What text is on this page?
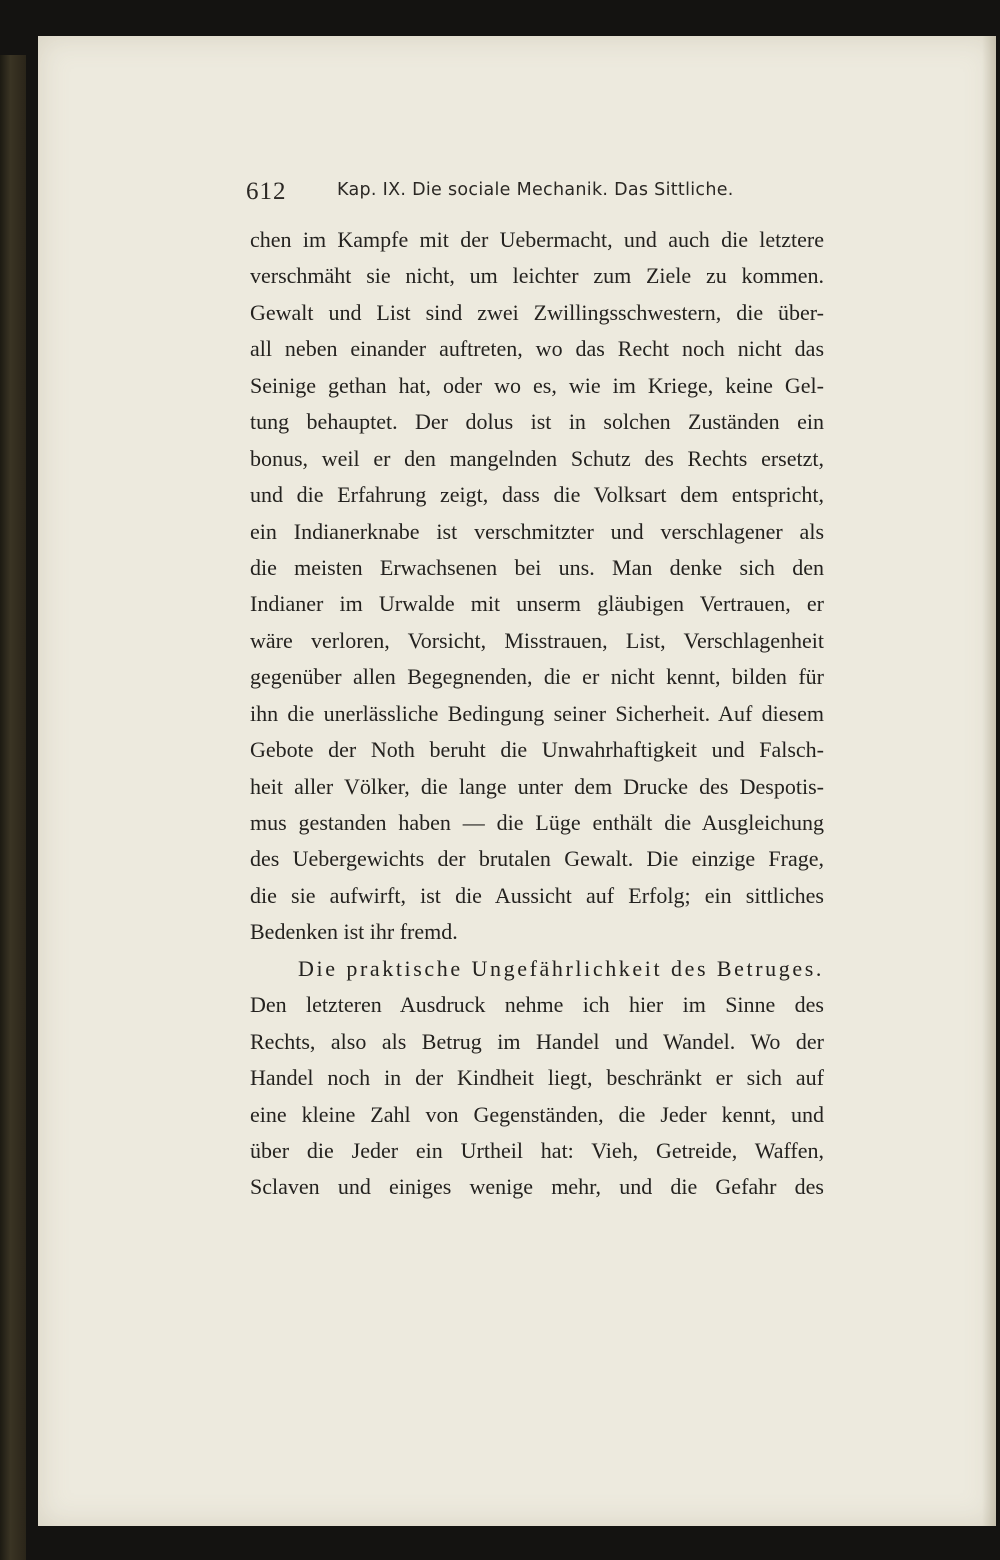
612	Kap. IX. Die sociale Mechanik. Das Sittliche.
chen im Kampfe mit der Uebermacht, und auch die letztere
verschmäht sie nicht, um leichter zum Ziele zu kommen.
Gewalt und List sind zwei Zwillingsschwestern, die über-
all neben einander auftreten, wo das Recht noch nicht das
Seinige gethan hat, oder wo es, wie im Kriege, keine Gel-
tung behauptet. Der dolus ist in solchen Zuständen ein
bonus, weil er den mangelnden Schutz des Rechts ersetzt,
und die Erfahrung zeigt, dass die Volksart dem entspricht,
ein Indianerknabe ist verschmitzter und verschlagener als
die meisten Erwachsenen bei uns. Man denke sich den
Indianer im Urwalde mit unserm gläubigen Vertrauen, er
wäre verloren, Vorsicht, Misstrauen, List, Verschlagenheit
gegenüber allen Begegnenden, die er nicht kennt, bilden für
ihn die unerlässliche Bedingung seiner Sicherheit. Auf diesem
Gebote der Noth beruht die Unwahrhaftigkeit und Falsch-
heit aller Völker, die lange unter dem Drucke des Despotis-
mus gestanden haben — die Lüge enthält die Ausgleichung
des Uebergewichts der brutalen Gewalt. Die einzige Frage,
die sie aufwirft, ist die Aussicht auf Erfolg; ein sittliches
Bedenken ist ihr fremd.
Die praktische Ungefährlichkeit des Betruges.
Den letzteren Ausdruck nehme ich hier im Sinne des
Rechts, also als Betrug im Handel und Wandel. Wo der
Handel noch in der Kindheit liegt, beschränkt er sich auf
eine kleine Zahl von Gegenständen, die Jeder kennt, und
über die Jeder ein Urtheil hat: Vieh, Getreide, Waffen,
Sclaven und einiges wenige mehr, und die Gefahr des
